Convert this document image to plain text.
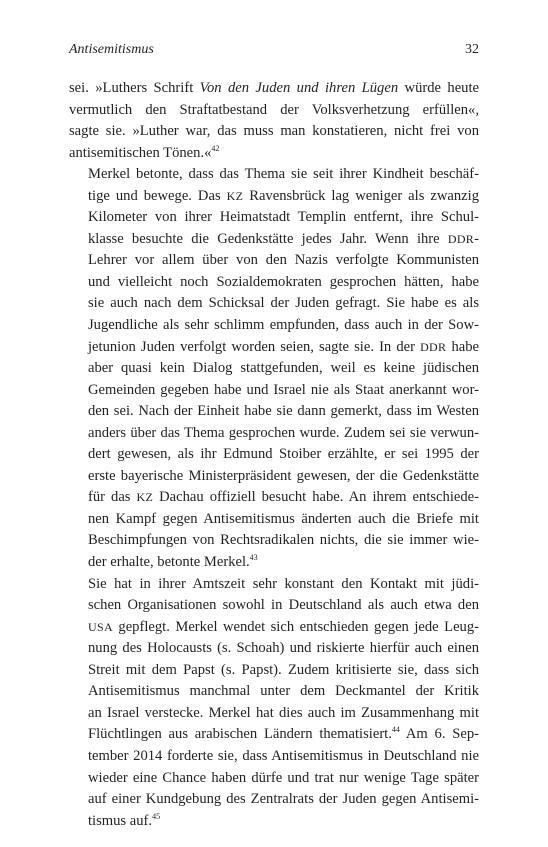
Antisemitismus	32

sei. »Luthers Schrift Von den Juden und ihren Lügen würde heute
vermutlich den Straftatbestand der Volksverhetzung erfüllen«,
sagte sie. »Luther war, das muss man konstatieren, nicht frei von
antisemitischen Tönen.«$^{42}$

Merkel betonte, dass das Thema sie seit ihrer Kindheit beschäf-
tige und bewege. Das KZ Ravensbrück lag weniger als zwanzig
Kilometer von ihrer Heimatstadt Templin entfernt, ihre Schul-
klasse besuchte die Gedenkstätte jedes Jahr. Wenn ihre DDR-
Lehrer vor allem über von den Nazis verfolgte Kommunisten
und vielleicht noch Sozialdemokraten gesprochen hätten, habe
sie auch nach dem Schicksal der Juden gefragt. Sie habe es als
Jugendliche als sehr schlimm empfunden, dass auch in der Sow-
jetunion Juden verfolgt worden seien, sagte sie. In der DDR habe
aber quasi kein Dialog stattgefunden, weil es keine jüdischen
Gemeinden gegeben habe und Israel nie als Staat anerkannt wor-
den sei. Nach der Einheit habe sie dann gemerkt, dass im Westen
anders über das Thema gesprochen wurde. Zudem sei sie verwun-
dert gewesen, als ihr Edmund Stoiber erzählte, er sei 1995 der
erste bayerische Ministerpräsident gewesen, der die Gedenkstätte
für das KZ Dachau offiziell besucht habe. An ihrem entschiede-
nen Kampf gegen Antisemitismus änderten auch die Briefe mit
Beschimpfungen von Rechtsradikalen nichts, die sie immer wie-
der erhalte, betonte Merkel.$^{43}$

Sie hat in ihrer Amtszeit sehr konstant den Kontakt mit jüdi-
schen Organisationen sowohl in Deutschland als auch etwa den
USA gepflegt. Merkel wendet sich entschieden gegen jede Leug-
nung des Holocausts (s. Schoah) und riskierte hierfür auch einen
Streit mit dem Papst (s. Papst). Zudem kritisierte sie, dass sich
Antisemitismus manchmal unter dem Deckmantel der Kritik
an Israel verstecke. Merkel hat dies auch im Zusammenhang mit
Flüchtlingen aus arabischen Ländern thematisiert.$^{44}$ Am 6. Sep-
tember 2014 forderte sie, dass Antisemitismus in Deutschland nie
wieder eine Chance haben dürfe und trat nur wenige Tage später
auf einer Kundgebung des Zentralrats der Juden gegen Antisemi-
tismus auf.$^{45}$
